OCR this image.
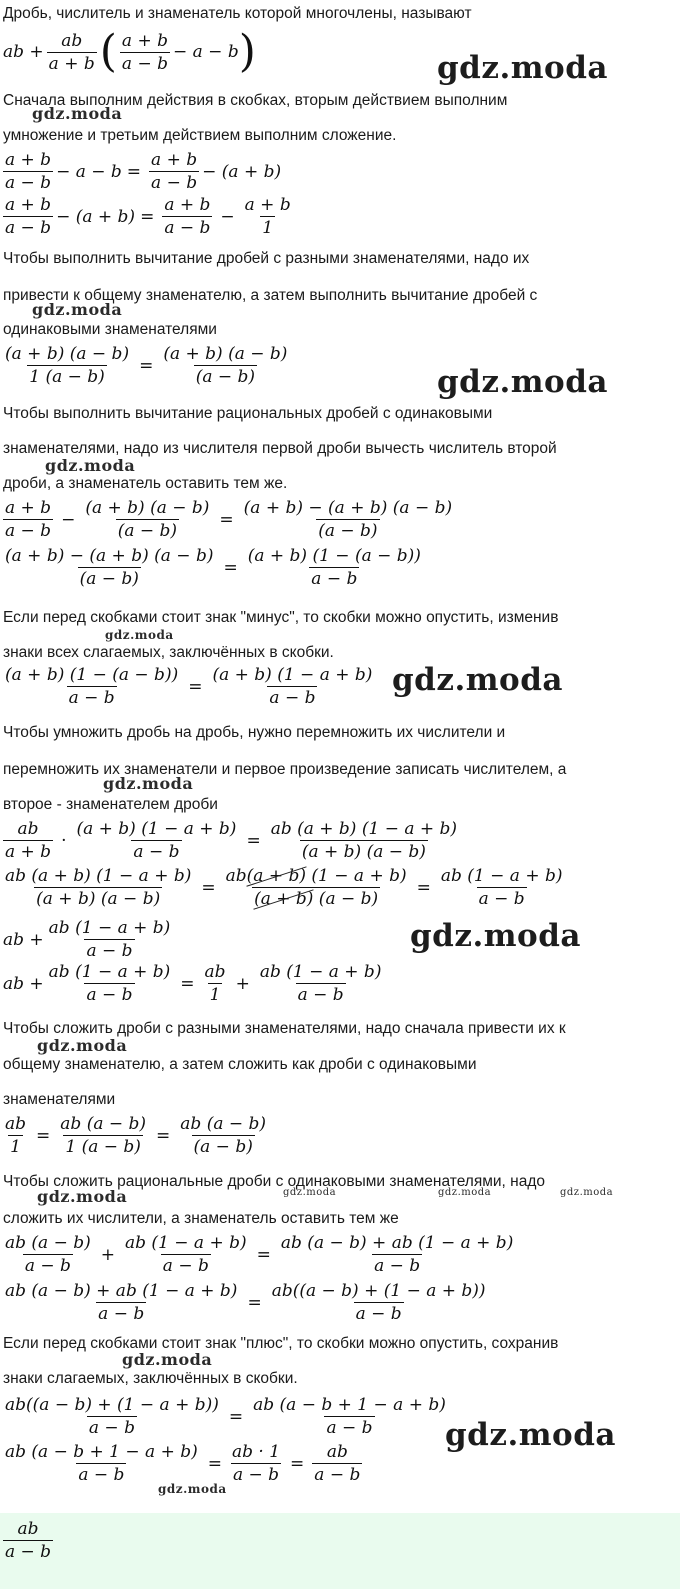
gdz.moda
gdz.moda
gdz.moda
gdz.moda
gdz.moda
gdz.moda
gdz.moda
gdz.moda
gdz.moda
gdz.moda
gdz.moda	gdz.moda	gdz.moda	gdz.moda
gdz.moda
gdz.moda
gdz.moda
Дробь, числитель и знаменатель которой многочлены, называют
ab + $\frac{ab}{a + b}$ ( $\frac{a + b}{a - b} - a - b$ )
Сначала выполним действия в скобках, вторым действием выполним
умножение и третьим действием выполним сложение.
$\frac{a + b}{a - b} - a - b = \frac{a + b}{a - b} - (a + b)$
$\frac{a + b}{a - b} - (a + b) = \frac{a + b}{a - b} - \frac{a + b}{1}$
Чтобы выполнить вычитание дробей с разными знаменателями, надо их
привести к общему знаменателю, а затем выполнить вычитание дробей с
одинаковыми знаменателями
$\frac{(a + b) (a - b)}{1 (a - b)} = \frac{(a + b) (a - b)}{(a - b)}$
Чтобы выполнить вычитание рациональных дробей с одинаковыми
знаменателями, надо из числителя первой дроби вычесть числитель второй
дроби, а знаменатель оставить тем же.
$\frac{a + b}{a - b} - \frac{(a + b) (a - b)}{(a - b)} = \frac{(a + b) - (a + b) (a - b)}{(a - b)}$
$\frac{(a + b) - (a + b) (a - b)}{(a - b)} = \frac{(a + b) (1 - (a - b))}{a - b}$
Если перед скобками стоит знак "минус", то скобки можно опустить, изменив
знаки всех слагаемых, заключённых в скобки.
$\frac{(a + b) (1 - (a - b))}{a - b} = \frac{(a + b) (1 - a + b)}{a - b}$
Чтобы умножить дробь на дробь, нужно перемножить их числители и
перемножить их знаменатели и первое произведение записать числителем, а
второе - знаменателем дроби
$\frac{ab}{a + b} \cdot \frac{(a + b) (1 - a + b)}{a - b} = \frac{ab (a + b) (1 - a + b)}{(a + b) (a - b)}$
$\frac{ab (a + b) (1 - a + b)}{(a + b) (a - b)} = \frac{ab(a + b) (1 - a + b)}{(a + b) (a - b)} = \frac{ab (1 - a + b)}{a - b}$
ab + $\frac{ab (1 - a + b)}{a - b}$
ab + $\frac{ab (1 - a + b)}{a - b} = \frac{ab}{1} + \frac{ab (1 - a + b)}{a - b}$
Чтобы сложить дроби с разными знаменателями, надо сначала привести их к
общему знаменателю, а затем сложить как дроби с одинаковыми
знаменателями
$\frac{ab}{1} = \frac{ab (a - b)}{1 (a - b)} = \frac{ab (a - b)}{(a - b)}$
Чтобы сложить рациональные дроби с одинаковыми знаменателями, надо
сложить их числители, а знаменатель оставить тем же
$\frac{ab (a - b)}{a - b} + \frac{ab (1 - a + b)}{a - b} = \frac{ab (a - b) + ab (1 - a + b)}{a - b}$
$\frac{ab (a - b) + ab (1 - a + b)}{a - b} = \frac{ab((a - b) + (1 - a + b))}{a - b}$
Если перед скобками стоит знак "плюс", то скобки можно опустить, сохранив
знаки слагаемых, заключённых в скобки.
$\frac{ab((a - b) + (1 - a + b))}{a - b} = \frac{ab (a - b + 1 - a + b)}{a - b}$
$\frac{ab (a - b + 1 - a + b)}{a - b} = \frac{ab \cdot 1}{a - b} = \frac{ab}{a - b}$
$\frac{ab}{a - b}$
